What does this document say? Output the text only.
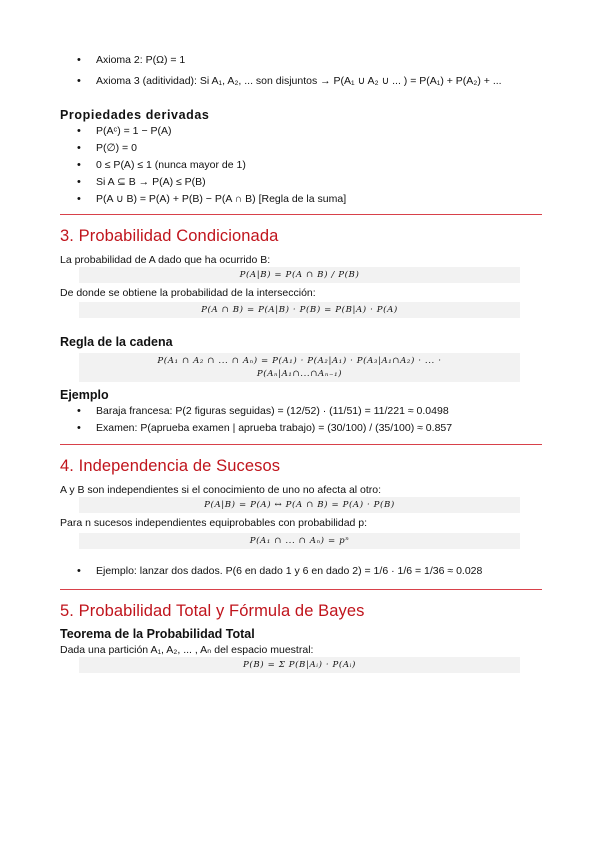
• Axioma 2: P(Ω) = 1
• Axioma 3 (aditividad): Si A₁, A₂, ... son disjuntos → P(A₁ ∪ A₂ ∪ ... ) = P(A₁) + P(A₂) + ...
Propiedades derivadas
• P(Aᶜ) = 1 − P(A)
• P(∅) = 0
• 0 ≤ P(A) ≤ 1 (nunca mayor de 1)
• Si A ⊆ B → P(A) ≤ P(B)
• P(A ∪ B) = P(A) + P(B) − P(A ∩ B) [Regla de la suma]
3. Probabilidad Condicionada

La probabilidad de A dado que ha ocurrido B:

P(A|B) = P(A ∩ B) / P(B)

De donde se obtiene la probabilidad de la intersección:

P(A ∩ B) = P(A|B) · P(B) = P(B|A) · P(A)
Regla de la cadena
P(A₁ ∩ A₂ ∩ ... ∩ Aₙ) = P(A₁) · P(A₂|A₁) · P(A₃|A₁∩A₂) · ... ·
P(Aₙ|A₁∩...∩Aₙ₋₁)
Ejemplo
• Baraja francesa: P(2 figuras seguidas) = (12/52) · (11/51) = 11/221 ≈ 0.0498
• Examen: P(aprueba examen | aprueba trabajo) = (30/100) / (35/100) ≈ 0.857
4. Independencia de Sucesos

A y B son independientes si el conocimiento de uno no afecta al otro:

P(A|B) = P(A) ↔ P(A ∩ B) = P(A) · P(B)

Para n sucesos independientes equiprobables con probabilidad p:

P(A₁ ∩ ... ∩ Aₙ) = pⁿ
• Ejemplo: lanzar dos dados. P(6 en dado 1 y 6 en dado 2) = 1/6 · 1/6 = 1/36 ≈ 0.028
5. Probabilidad Total y Fórmula de Bayes
Teorema de la Probabilidad Total

Dada una partición A₁, A₂, ... , Aₙ del espacio muestral:

P(B) = Σ P(B|Aᵢ) · P(Aᵢ)
